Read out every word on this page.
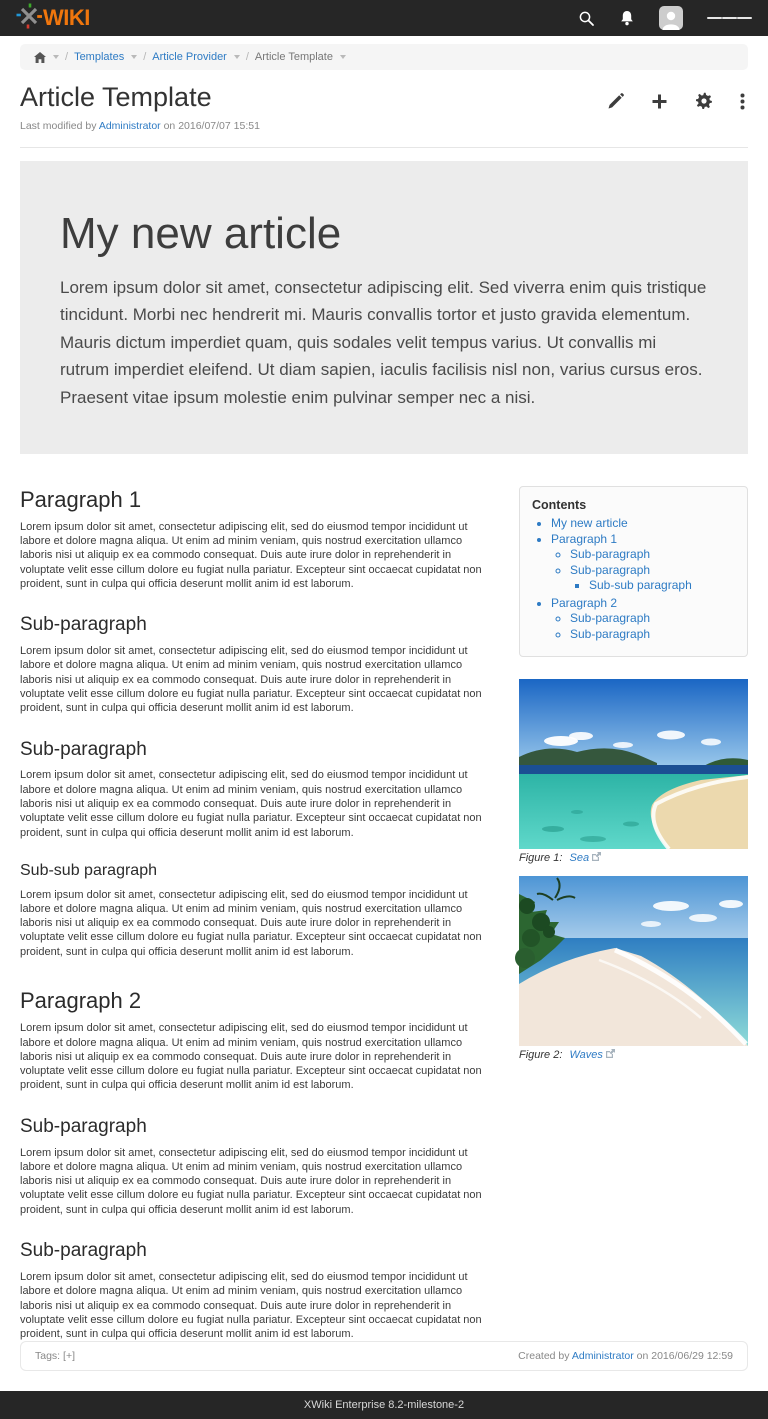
WIKI
/ Templates / Article Provider / Article Template
Article Template
Last modified by Administrator on 2016/07/07 15:51
My new article

Lorem ipsum dolor sit amet, consectetur adipiscing elit. Sed viverra enim quis tristique tincidunt. Morbi nec hendrerit mi. Mauris convallis tortor et justo gravida elementum. Mauris dictum imperdiet quam, quis sodales velit tempus varius. Ut convallis mi rutrum imperdiet eleifend. Ut diam sapien, iaculis facilisis nisl non, varius cursus eros. Praesent vitae ipsum molestie enim pulvinar semper nec a nisi.

Paragraph 1

Lorem ipsum dolor sit amet, consectetur adipiscing elit, sed do eiusmod tempor incididunt ut labore et dolore magna aliqua. Ut enim ad minim veniam, quis nostrud exercitation ullamco laboris nisi ut aliquip ex ea commodo consequat. Duis aute irure dolor in reprehenderit in voluptate velit esse cillum dolore eu fugiat nulla pariatur. Excepteur sint occaecat cupidatat non proident, sunt in culpa qui officia deserunt mollit anim id est laborum.

Sub-paragraph

Lorem ipsum dolor sit amet, consectetur adipiscing elit, sed do eiusmod tempor incididunt ut labore et dolore magna aliqua. Ut enim ad minim veniam, quis nostrud exercitation ullamco laboris nisi ut aliquip ex ea commodo consequat. Duis aute irure dolor in reprehenderit in voluptate velit esse cillum dolore eu fugiat nulla pariatur. Excepteur sint occaecat cupidatat non proident, sunt in culpa qui officia deserunt mollit anim id est laborum.

Sub-paragraph

Lorem ipsum dolor sit amet, consectetur adipiscing elit, sed do eiusmod tempor incididunt ut labore et dolore magna aliqua. Ut enim ad minim veniam, quis nostrud exercitation ullamco laboris nisi ut aliquip ex ea commodo consequat. Duis aute irure dolor in reprehenderit in voluptate velit esse cillum dolore eu fugiat nulla pariatur. Excepteur sint occaecat cupidatat non proident, sunt in culpa qui officia deserunt mollit anim id est laborum.

Sub-sub paragraph

Lorem ipsum dolor sit amet, consectetur adipiscing elit, sed do eiusmod tempor incididunt ut labore et dolore magna aliqua. Ut enim ad minim veniam, quis nostrud exercitation ullamco laboris nisi ut aliquip ex ea commodo consequat. Duis aute irure dolor in reprehenderit in voluptate velit esse cillum dolore eu fugiat nulla pariatur. Excepteur sint occaecat cupidatat non proident, sunt in culpa qui officia deserunt mollit anim id est laborum.

Paragraph 2

Lorem ipsum dolor sit amet, consectetur adipiscing elit, sed do eiusmod tempor incididunt ut labore et dolore magna aliqua. Ut enim ad minim veniam, quis nostrud exercitation ullamco laboris nisi ut aliquip ex ea commodo consequat. Duis aute irure dolor in reprehenderit in voluptate velit esse cillum dolore eu fugiat nulla pariatur. Excepteur sint occaecat cupidatat non proident, sunt in culpa qui officia deserunt mollit anim id est laborum.

Sub-paragraph

Lorem ipsum dolor sit amet, consectetur adipiscing elit, sed do eiusmod tempor incididunt ut labore et dolore magna aliqua. Ut enim ad minim veniam, quis nostrud exercitation ullamco laboris nisi ut aliquip ex ea commodo consequat. Duis aute irure dolor in reprehenderit in voluptate velit esse cillum dolore eu fugiat nulla pariatur. Excepteur sint occaecat cupidatat non proident, sunt in culpa qui officia deserunt mollit anim id est laborum.

Sub-paragraph

Lorem ipsum dolor sit amet, consectetur adipiscing elit, sed do eiusmod tempor incididunt ut labore et dolore magna aliqua. Ut enim ad minim veniam, quis nostrud exercitation ullamco laboris nisi ut aliquip ex ea commodo consequat. Duis aute irure dolor in reprehenderit in voluptate velit esse cillum dolore eu fugiat nulla pariatur. Excepteur sint occaecat cupidatat non proident, sunt in culpa qui officia deserunt mollit anim id est laborum.

Contents
• My new article
• Paragraph 1
◦ Sub-paragraph
◦ Sub-paragraph
▪ Sub-sub paragraph
• Paragraph 2
◦ Sub-paragraph
◦ Sub-paragraph
Figure 1:
Sea
Figure 2:
Waves
Tags: [+]	Created by Administrator on 2016/06/29 12:59
XWiki Enterprise 8.2-milestone-2
